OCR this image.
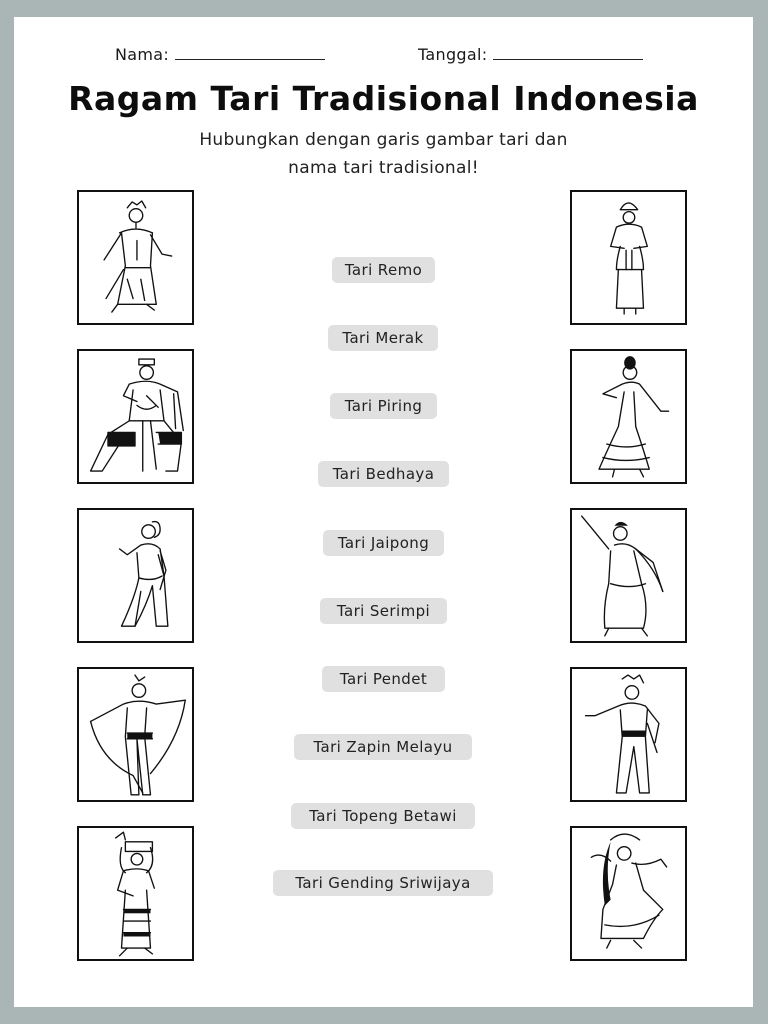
Nama:	Tanggal:
Ragam Tari Tradisional Indonesia
Hubungkan dengan garis gambar tari dan
nama tari tradisional!
Tari Remo
Tari Merak
Tari Piring
Tari Bedhaya
Tari Jaipong
Tari Serimpi
Tari Pendet
Tari Zapin Melayu
Tari Topeng Betawi
Tari Gending Sriwijaya
